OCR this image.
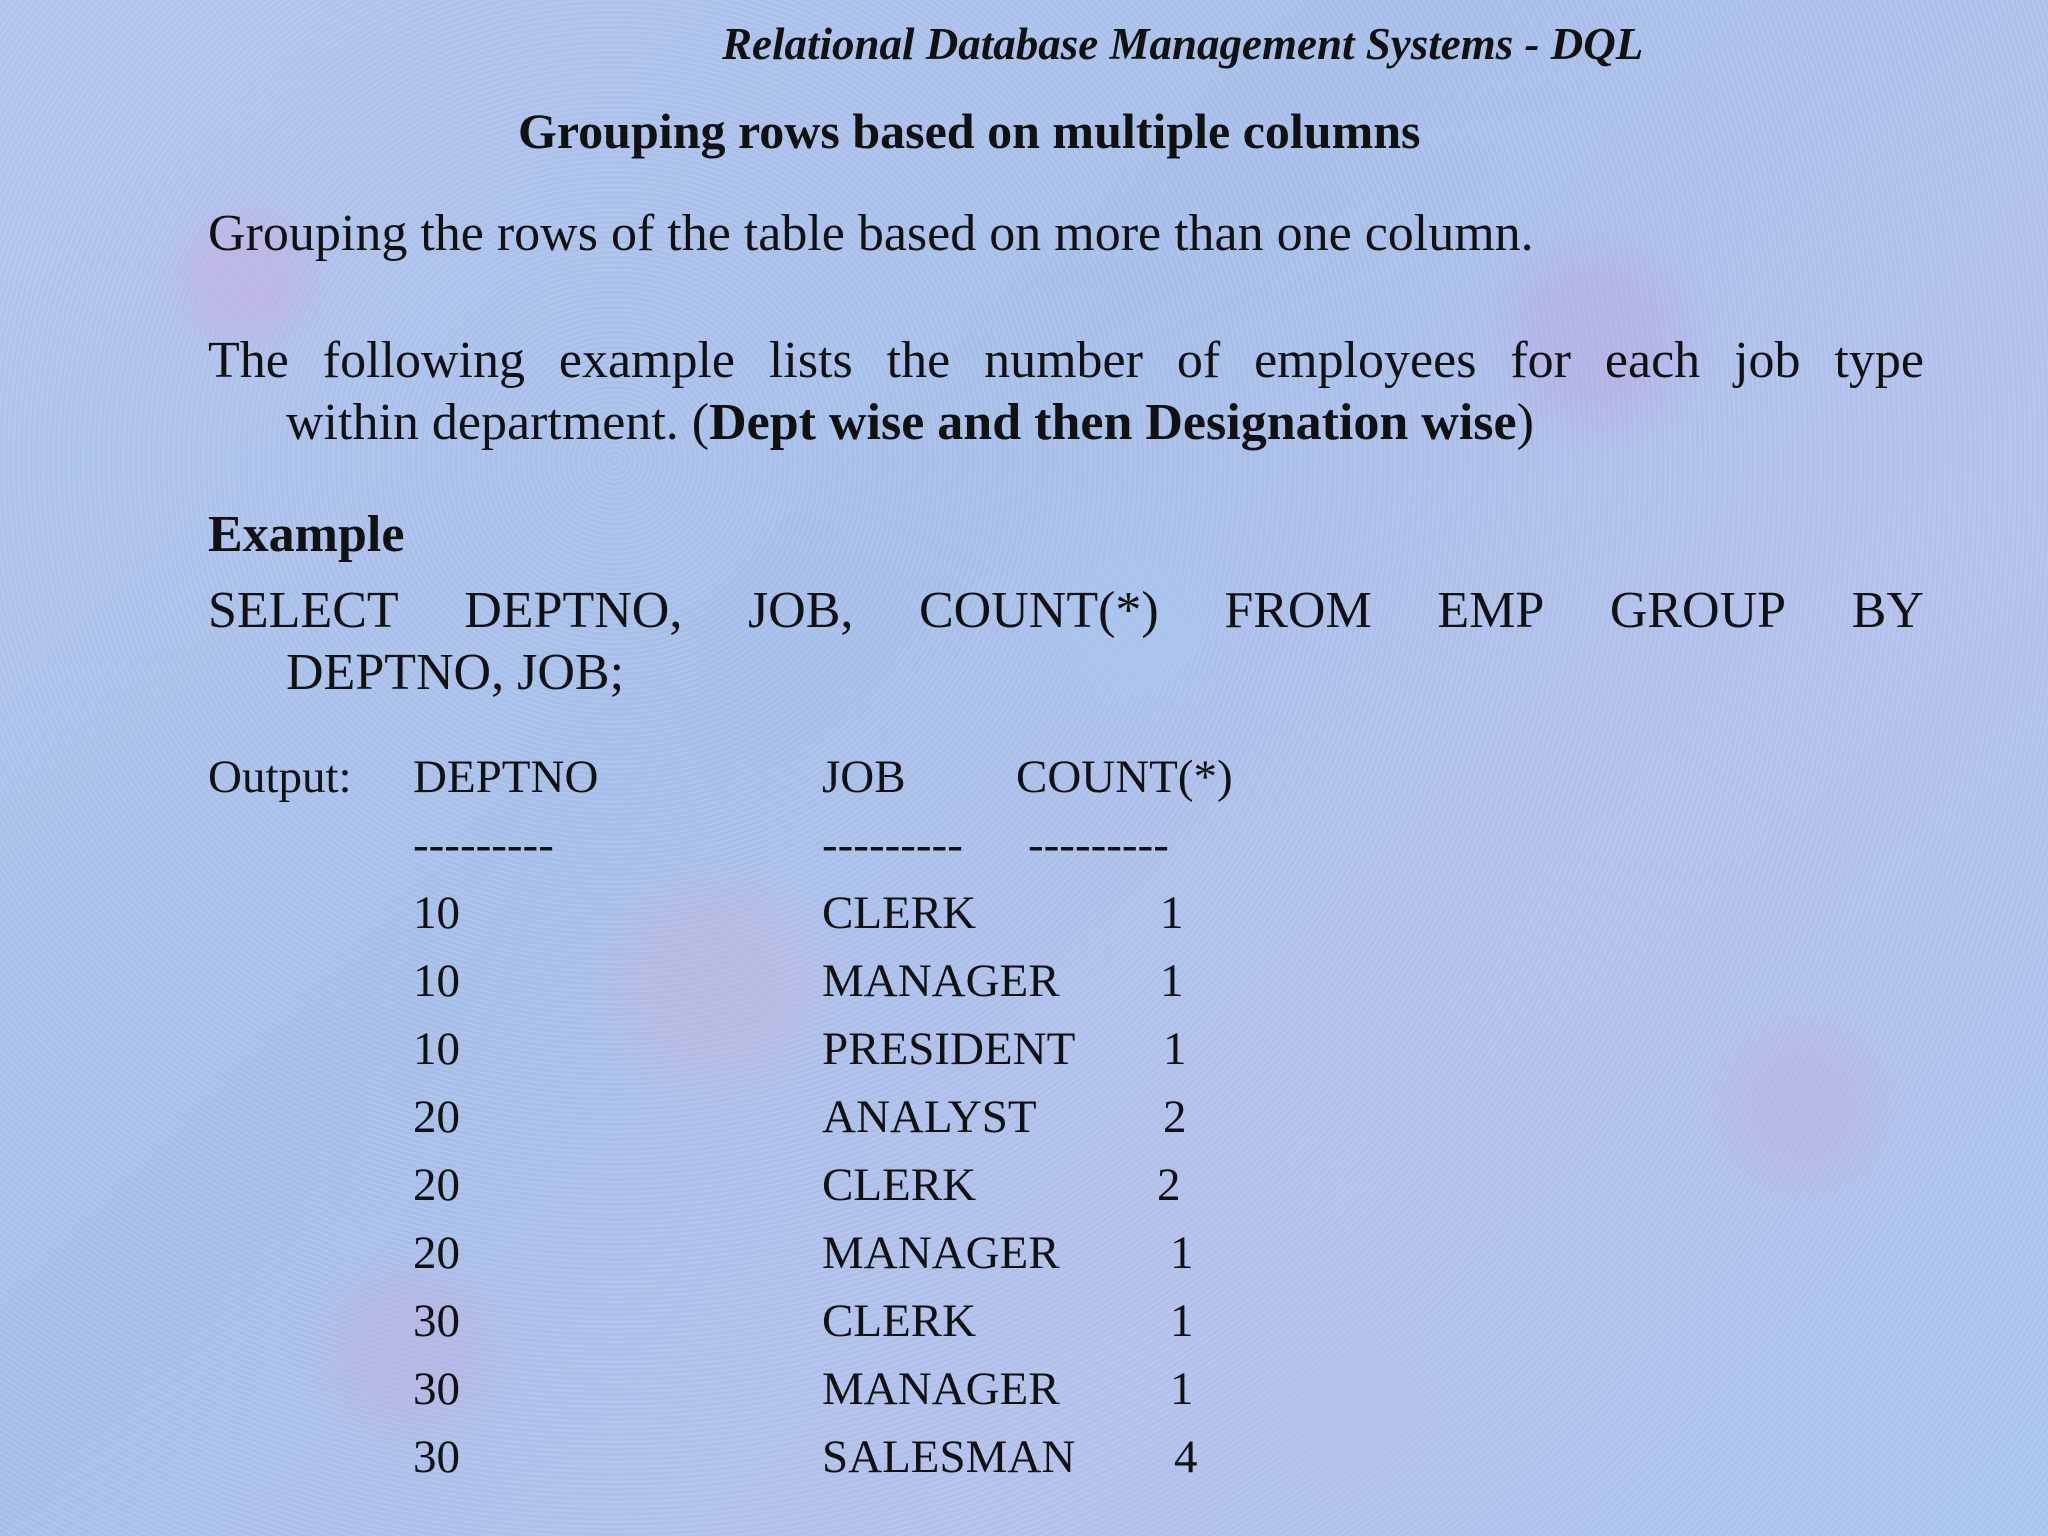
Relational Database Management Systems - DQL
Grouping rows based on multiple columns
Grouping the rows of the table based on more than one column.
The following example lists the number of employees for each job type
within department. (Dept wise and then Designation wise)
Example
SELECT DEPTNO, JOB, COUNT(*) FROM EMP GROUP BY
DEPTNO, JOB;
Output: DEPTNO	JOB COUNT(*)
---------	--------- ---------
10	CLERK	1
10	MANAGER 1
10	PRESIDENT 1
20	ANALYST	2
20	CLERK	2
20	MANAGER 1
30	CLERK	1
30	MANAGER 1
30	SALESMAN 4
